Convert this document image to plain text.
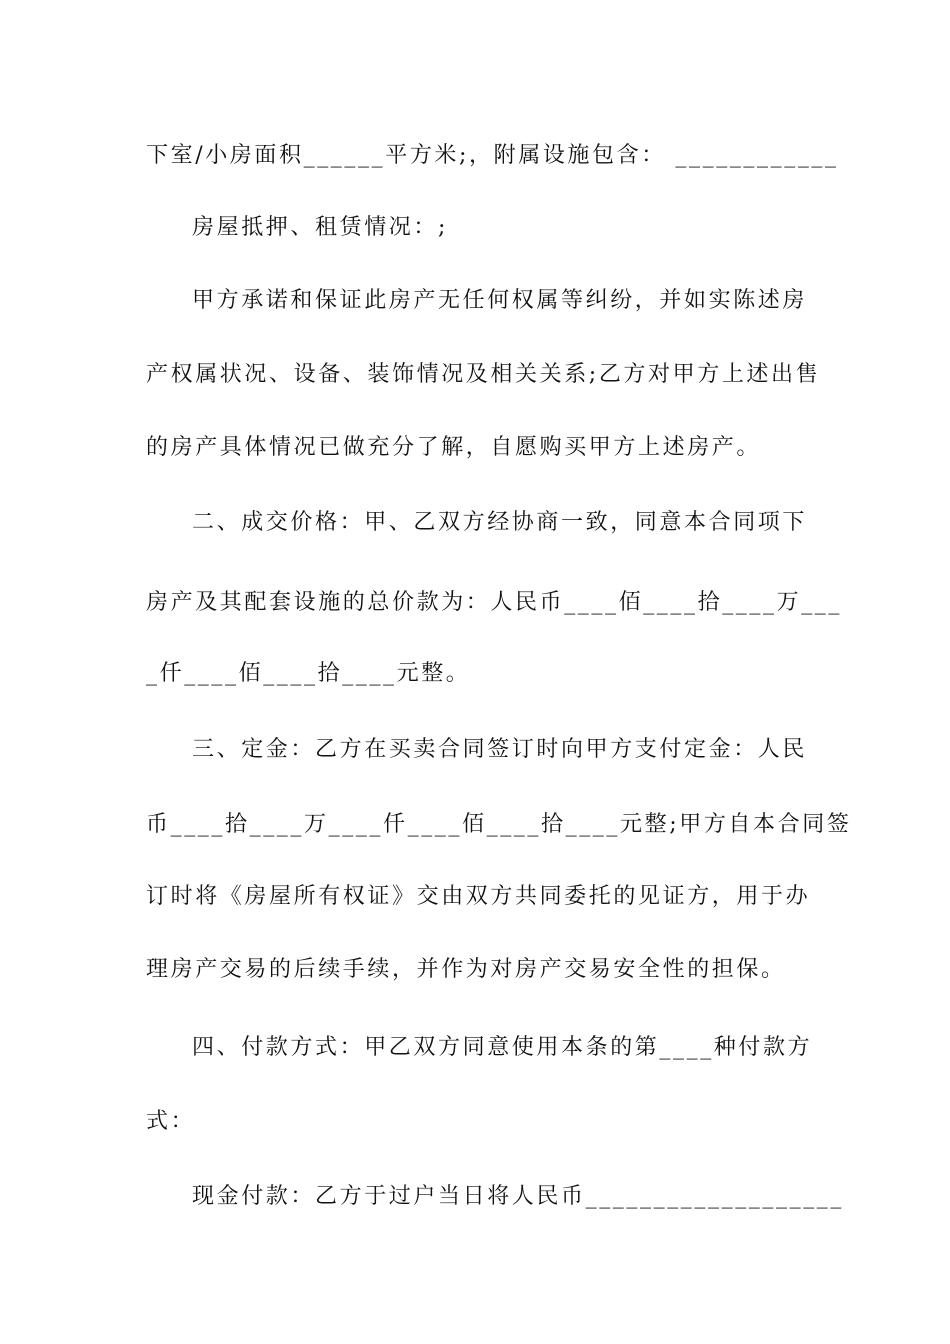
下室/小房面积______平方米;，附属设施包含： ____________
房屋抵押、租赁情况：;
甲方承诺和保证此房产无任何权属等纠纷，并如实陈述房
产权属状况、设备、装饰情况及相关关系;乙方对甲方上述出售
的房产具体情况已做充分了解，自愿购买甲方上述房产。
二、成交价格：甲、乙双方经协商一致，同意本合同项下
房产及其配套设施的总价款为：人民币____佰____拾____万___
_仟____佰____拾____元整。
三、定金：乙方在买卖合同签订时向甲方支付定金：人民
币____拾____万____仟____佰____拾____元整;甲方自本合同签
订时将《房屋所有权证》交由双方共同委托的见证方，用于办
理房产交易的后续手续，并作为对房产交易安全性的担保。
四、付款方式：甲乙双方同意使用本条的第____种付款方
式：
现金付款：乙方于过户当日将人民币___________________
